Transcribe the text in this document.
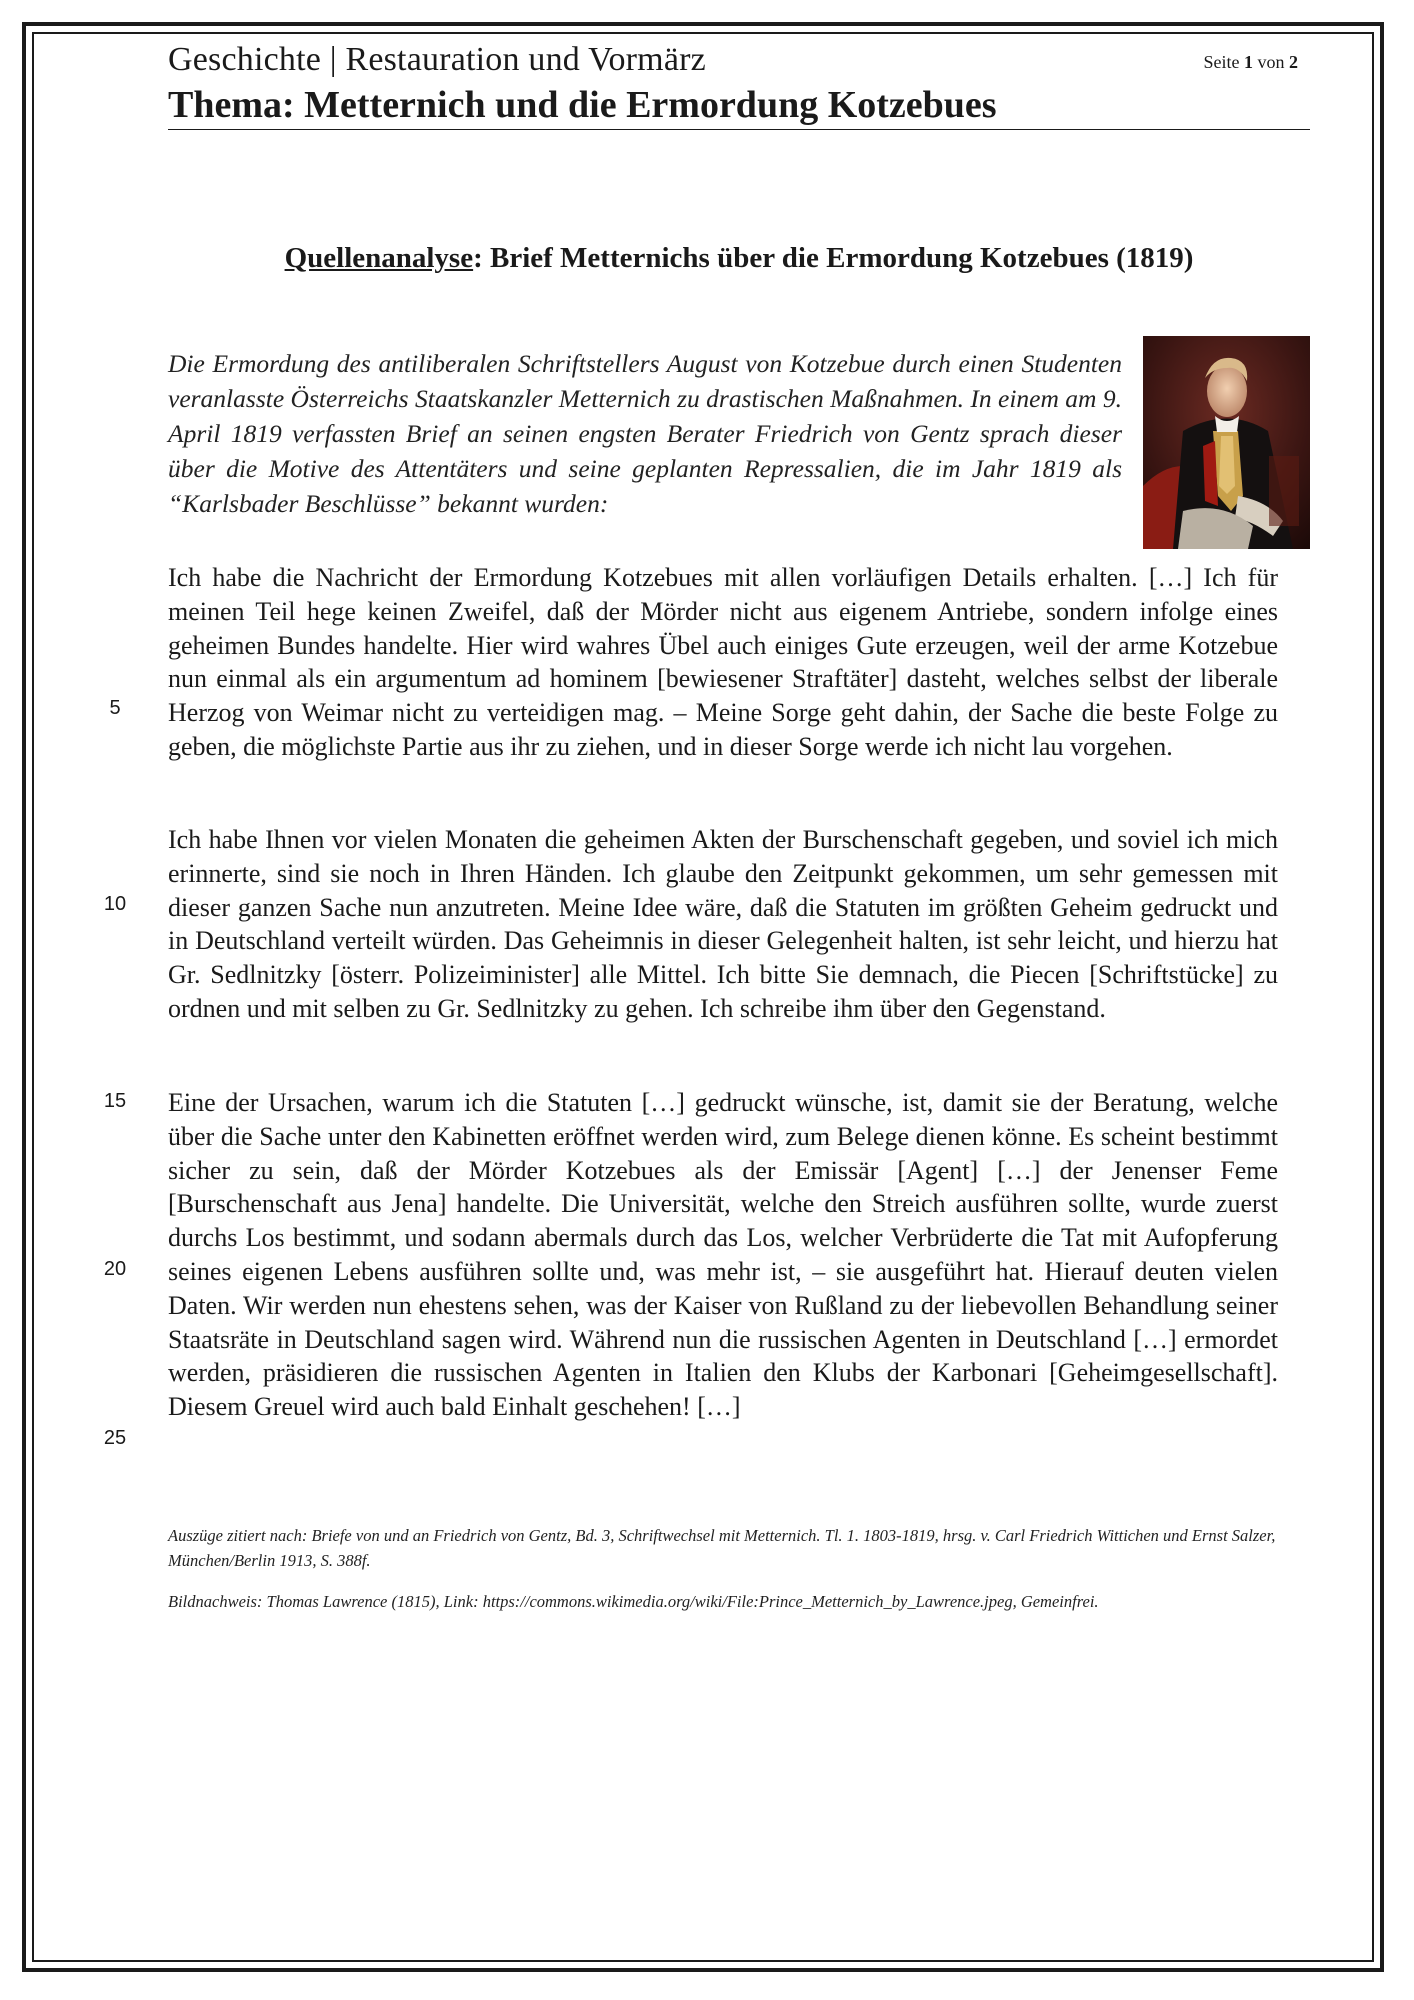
Geschichte | Restauration und Vormärz
Thema: Metternich und die Ermordung Kotzebues
Seite 1 von 2
Quellenanalyse: Brief Metternichs über die Ermordung Kotzebues (1819)
Die Ermordung des antiliberalen Schriftstellers August von Kotzebue durch einen Studenten veranlasste Österreichs Staatskanzler Metternich zu drastischen Maßnahmen. In einem am 9. April 1819 verfassten Brief an seinen engsten Berater Friedrich von Gentz sprach dieser über die Motive des Attentäters und seine geplanten Repressalien, die im Jahr 1819 als “Karlsbader Beschlüsse” bekannt wurden:
5
10
15
20
25
Ich habe die Nachricht der Ermordung Kotzebues mit allen vorläufigen Details erhalten. […] Ich für meinen Teil hege keinen Zweifel, daß der Mörder nicht aus eigenem Antriebe, sondern infolge eines geheimen Bundes handelte. Hier wird wahres Übel auch einiges Gute erzeugen, weil der arme Kotzebue nun einmal als ein argumentum ad hominem [bewiesener Straftäter] dasteht, welches selbst der liberale Herzog von Weimar nicht zu verteidigen mag. – Meine Sorge geht dahin, der Sache die beste Folge zu geben, die möglichste Partie aus ihr zu ziehen, und in dieser Sorge werde ich nicht lau vorgehen.
Ich habe Ihnen vor vielen Monaten die geheimen Akten der Burschenschaft gegeben, und soviel ich mich erinnerte, sind sie noch in Ihren Händen. Ich glaube den Zeitpunkt gekommen, um sehr gemessen mit dieser ganzen Sache nun anzutreten. Meine Idee wäre, daß die Statuten im größten Geheim gedruckt und in Deutschland verteilt würden. Das Geheimnis in dieser Gelegenheit halten, ist sehr leicht, und hierzu hat Gr. Sedlnitzky [österr. Polizeiminister] alle Mittel. Ich bitte Sie demnach, die Piecen [Schriftstücke] zu ordnen und mit selben zu Gr. Sedlnitzky zu gehen. Ich schreibe ihm über den Gegenstand.
Eine der Ursachen, warum ich die Statuten […] gedruckt wünsche, ist, damit sie der Beratung, welche über die Sache unter den Kabinetten eröffnet werden wird, zum Belege dienen könne. Es scheint bestimmt sicher zu sein, daß der Mörder Kotzebues als der Emissär [Agent] […] der Jenenser Feme [Burschenschaft aus Jena] handelte. Die Universität, welche den Streich ausführen sollte, wurde zuerst durchs Los bestimmt, und sodann abermals durch das Los, welcher Verbrüderte die Tat mit Aufopferung seines eigenen Lebens ausführen sollte und, was mehr ist, – sie ausgeführt hat. Hierauf deuten vielen Daten. Wir werden nun ehestens sehen, was der Kaiser von Rußland zu der liebevollen Behandlung seiner Staatsräte in Deutschland sagen wird. Während nun die russischen Agenten in Deutschland […] ermordet werden, präsidieren die russischen Agenten in Italien den Klubs der Karbonari [Geheimgesellschaft]. Diesem Greuel wird auch bald Einhalt geschehen! […]

Auszüge zitiert nach: Briefe von und an Friedrich von Gentz, Bd. 3, Schriftwechsel mit Metternich. Tl. 1. 1803-1819, hrsg. v. Carl Friedrich Wittichen und Ernst Salzer, München/Berlin 1913, S. 388f.

Bildnachweis: Thomas Lawrence (1815), Link: https://commons.wikimedia.org/wiki/File:Prince_Metternich_by_Lawrence.jpeg, Gemeinfrei.
